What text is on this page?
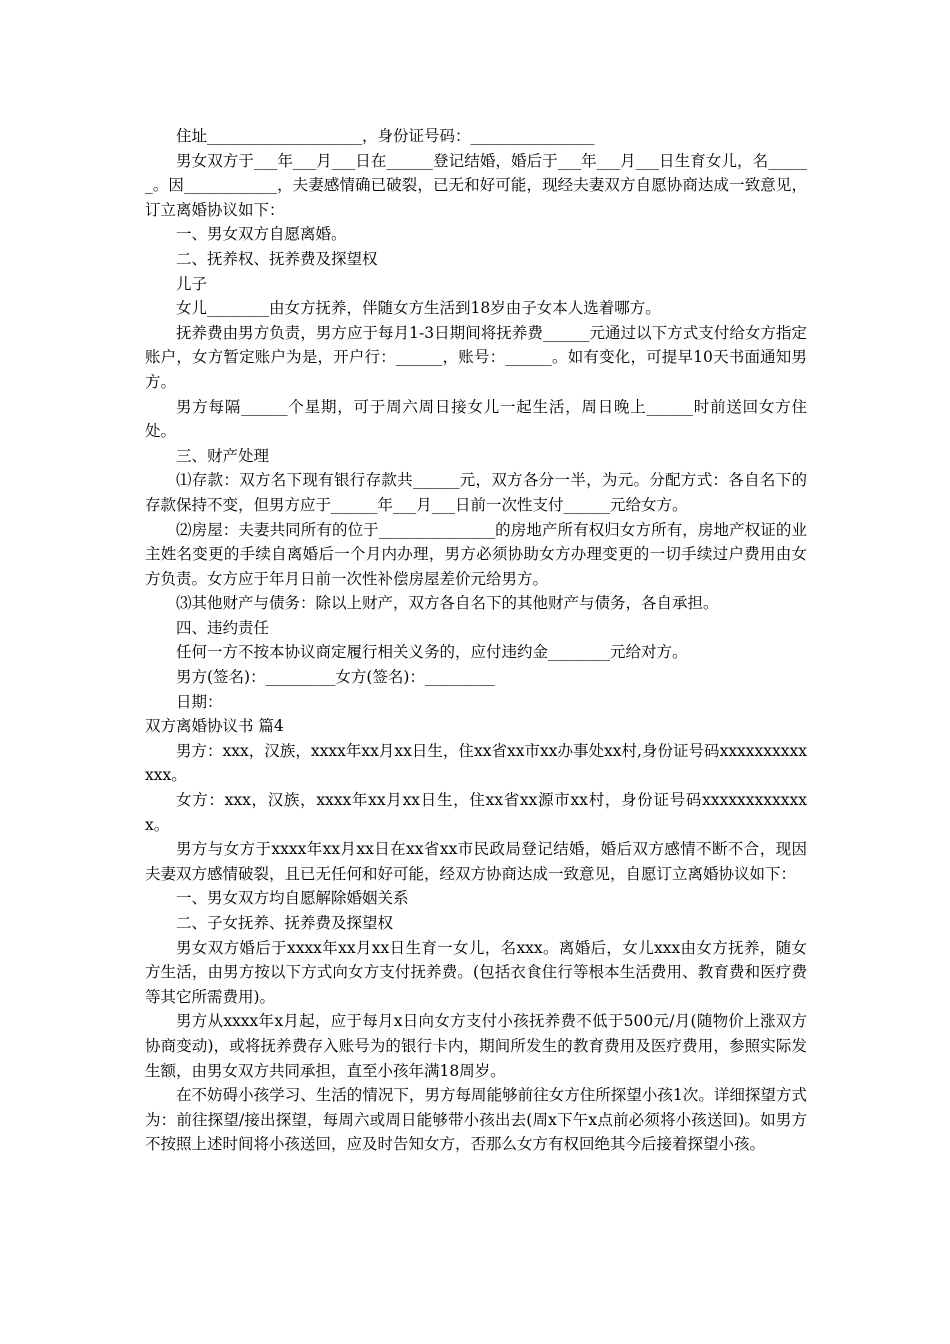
住址____________________，身份证号码：________________

男女双方于___年___月___日在______登记结婚，婚后于___年___月___日生育女儿，名______。因____________，夫妻感情确已破裂，已无和好可能，现经夫妻双方自愿协商达成一致意见，订立离婚协议如下：

一、男女双方自愿离婚。

二、抚养权、抚养费及探望权

儿子

女儿________由女方抚养，伴随女方生活到18岁由子女本人选着哪方。

抚养费由男方负责，男方应于每月1-3日期间将抚养费______元通过以下方式支付给女方指定账户，女方暂定账户为是，开户行：______，账号：______。如有变化，可提早10天书面通知男方。

男方每隔______个星期，可于周六周日接女儿一起生活，周日晚上______时前送回女方住处。

三、财产处理

⑴存款：双方名下现有银行存款共______元，双方各分一半，为元。分配方式：各自名下的存款保持不变，但男方应于______年___月___日前一次性支付______元给女方。

⑵房屋：夫妻共同所有的位于_______________的房地产所有权归女方所有，房地产权证的业主姓名变更的手续自离婚后一个月内办理，男方必须协助女方办理变更的一切手续过户费用由女方负责。女方应于年月日前一次性补偿房屋差价元给男方。

⑶其他财产与债务：除以上财产，双方各自名下的其他财产与债务，各自承担。

四、违约责任

任何一方不按本协议商定履行相关义务的，应付违约金________元给对方。

男方(签名)：_________女方(签名)：_________

日期：

双方离婚协议书 篇4

男方：xxx，汉族，xxxx年xx月xx日生，住xx省xx市xx办事处xx村,身份证号码xxxxxxxxxxxxx。

女方：xxx，汉族，xxxx年xx月xx日生，住xx省xx源市xx村，身份证号码xxxxxxxxxxxxx。

男方与女方于xxxx年xx月xx日在xx省xx市民政局登记结婚，婚后双方感情不断不合，现因夫妻双方感情破裂，且已无任何和好可能，经双方协商达成一致意见，自愿订立离婚协议如下：

一、男女双方均自愿解除婚姻关系

二、子女抚养、抚养费及探望权

男女双方婚后于xxxx年xx月xx日生育一女儿，名xxx。离婚后，女儿xxx由女方抚养，随女方生活，由男方按以下方式向女方支付抚养费。(包括衣食住行等根本生活费用、教育费和医疗费等其它所需费用)。

男方从xxxx年x月起，应于每月x日向女方支付小孩抚养费不低于500元/月(随物价上涨双方协商变动)，或将抚养费存入账号为的银行卡内，期间所发生的教育费用及医疗费用，参照实际发生额，由男女双方共同承担，直至小孩年满18周岁。

在不妨碍小孩学习、生活的情况下，男方每周能够前往女方住所探望小孩1次。详细探望方式为：前往探望/接出探望，每周六或周日能够带小孩出去(周x下午x点前必须将小孩送回)。如男方不按照上述时间将小孩送回，应及时告知女方，否那么女方有权回绝其今后接着探望小孩。
